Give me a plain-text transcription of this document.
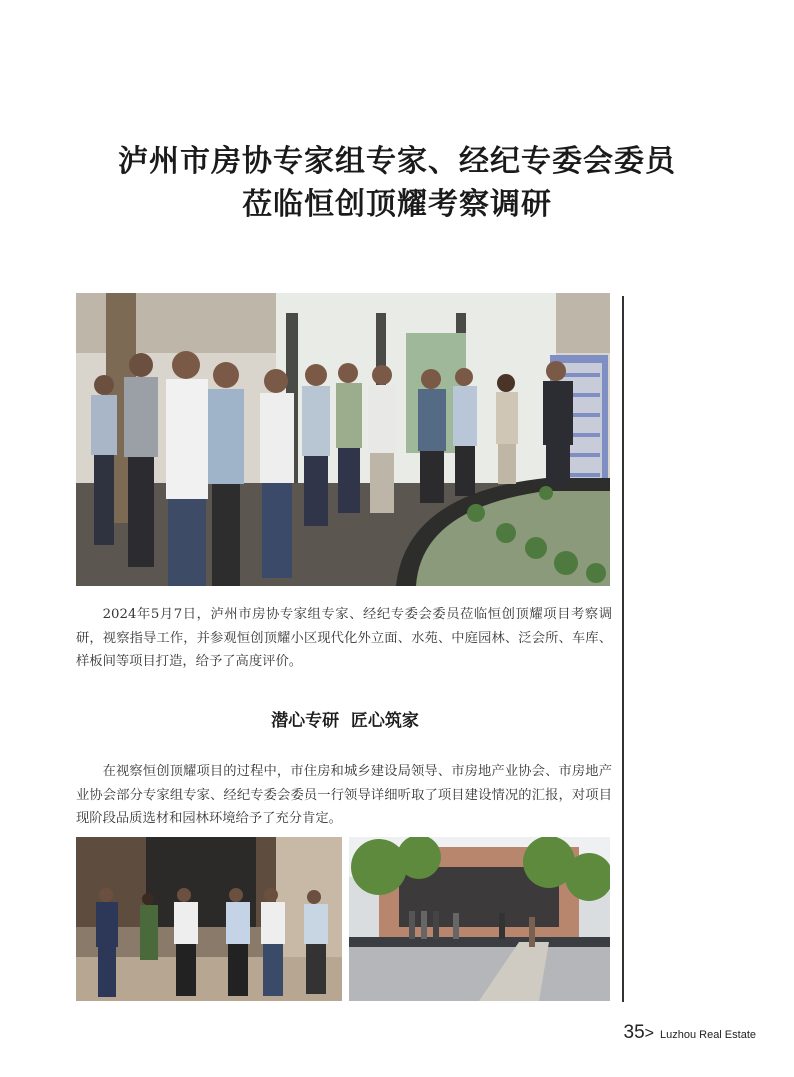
泸州市房协专家组专家、经纪专委会委员
莅临恒创顶耀考察调研

2024年5月7日，泸州市房协专家组专家、经纪专委会委员莅临恒创顶耀项目考察调研，视察指导工作，并参观恒创顶耀小区现代化外立面、水苑、中庭园林、泛会所、车库、样板间等项目打造，给予了高度评价。

潜心专研  匠心筑家

在视察恒创顶耀项目的过程中，市住房和城乡建设局领导、市房地产业协会、市房地产业协会部分专家组专家、经纪专委会委员一行领导详细听取了项目建设情况的汇报，对项目现阶段品质选材和园林环境给予了充分肯定。

35> Luzhou Real Estate
